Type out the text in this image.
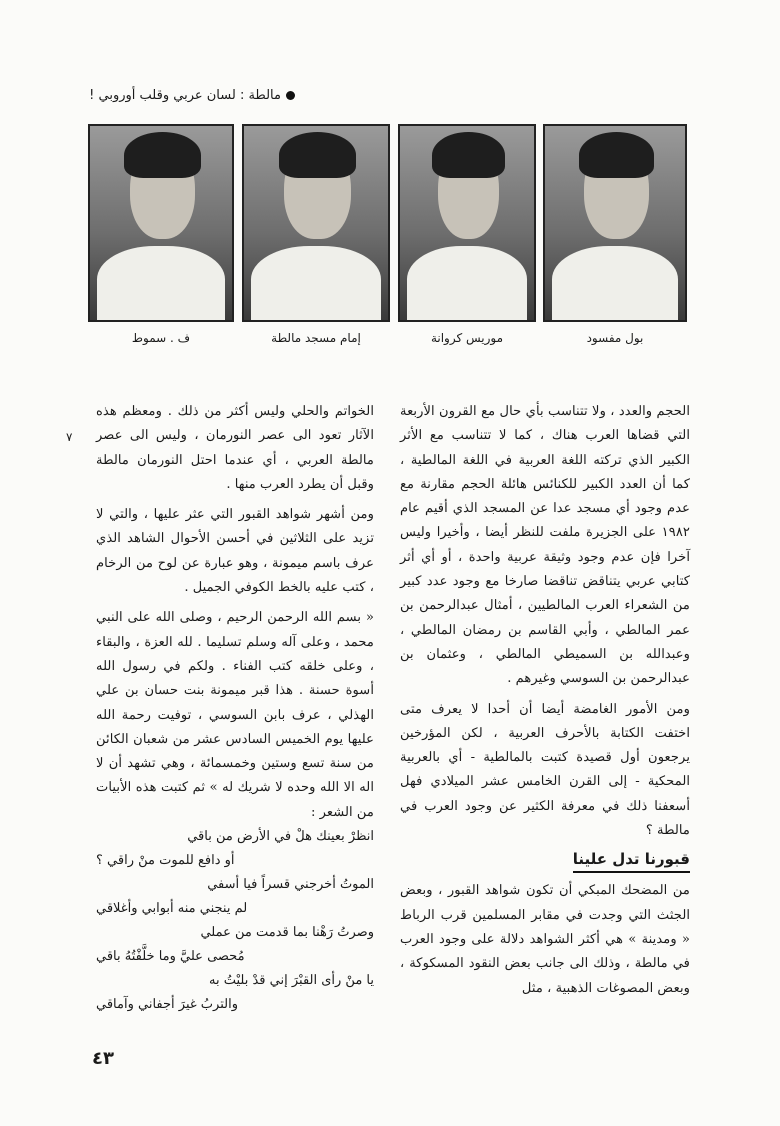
مالطة : لسان عربي وقلب أوروبي !
ف . سموط	إمام مسجد مالطة	موريس كروانة	بول مفسود

الحجم والعدد ، ولا تتناسب بأي حال مع القرون الأربعة التي قضاها العرب هناك ، كما لا تتناسب مع الأثر الكبير الذي تركته اللغة العربية في اللغة المالطية ، كما أن العدد الكبير للكنائس هائلة الحجم مقارنة مع عدم وجود أي مسجد عدا عن المسجد الذي أقيم عام ١٩٨٢ على الجزيرة ملفت للنظر أيضا ، وأخيرا وليس آخرا فإن عدم وجود وثيقة عربية واحدة ، أو أي أثر كتابي عربي يتناقض تناقضا صارخا مع وجود عدد كبير من الشعراء العرب المالطيين ، أمثال عبدالرحمن بن عمر المالطي ، وأبي القاسم بن رمضان المالطي ، وعبدالله بن السميطي المالطي ، وعثمان بن عبدالرحمن بن السوسي وغيرهم .

ومن الأمور الغامضة أيضا أن أحدا لا يعرف متى اختفت الكتابة بالأحرف العربية ، لكن المؤرخين يرجعون أول قصيدة كتبت بالمالطية - أي بالعربية المحكية - إلى القرن الخامس عشر الميلادي فهل أسعفنا ذلك في معرفة الكثير عن وجود العرب في مالطة ؟

قبورنا تدل علينا

من المضحك المبكي أن تكون شواهد القبور ، وبعض الجثث التي وجدت في مقابر المسلمين قرب الرباط « ومدينة » هي أكثر الشواهد دلالة على وجود العرب في مالطة ، وذلك الى جانب بعض النقود المسكوكة ، وبعض المصوغات الذهبية ، مثل

٧

الخواتم والحلي وليس أكثر من ذلك . ومعظم هذه الآثار تعود الى عصر النورمان ، وليس الى عصر مالطة العربي ، أي عندما احتل النورمان مالطة وقبل أن يطرد العرب منها .

ومن أشهر شواهد القبور التي عثر عليها ، والتي لا تزيد على الثلاثين في أحسن الأحوال الشاهد الذي عرف باسم ميمونة ، وهو عبارة عن لوح من الرخام ، كتب عليه بالخط الكوفي الجميل .

« بسم الله الرحمن الرحيم ، وصلى الله على النبي محمد ، وعلى آله وسلم تسليما . لله العزة ، والبقاء ، وعلى خلقه كتب الفناء . ولكم في رسول الله أسوة حسنة . هذا قبر ميمونة بنت حسان بن علي الهذلي ، عرف بابن السوسي ، توفيت رحمة الله عليها يوم الخميس السادس عشر من شعبان الكائن من سنة تسع وستين وخمسمائة ، وهي تشهد أن لا اله الا الله وحده لا شريك له » ثم كتبت هذه الأبيات من الشعر :

انظرْ بعينك هلْ في الأرض من باقي
أو دافع للموت منْ راقي ؟
الموتُ أخرجني قسراً فيا أسفي
لم ينجني منه أبوابي وأغلاقي
وصرتُ رَهْنا بما قدمت من عملي
مُحصى عليَّ وما خلَّفْتُهُ باقي
يا منْ رأى القبْرَ إني قدْ بليْتُ به
والتربُ غيرَ أجفاني وآماقي
٤٣
